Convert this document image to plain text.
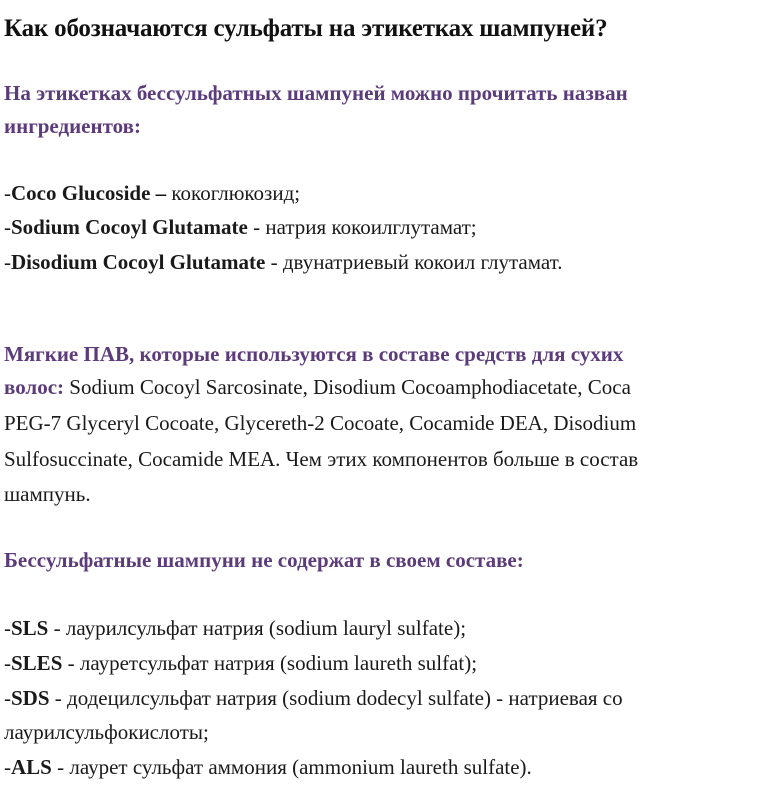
Как обозначаются сульфаты на этикетках шампуней?
На этикетках бессульфатных шампуней можно прочитать назван
ингредиентов:
-Coco Glucoside – кокоглюкозид;
-Sodium Cocoyl Glutamate - натрия кокоилглутамат;
-Disodium Cocoyl Glutamate - двунатриевый кокоил глутамат.
Мягкие ПАВ, которые используются в составе средств для сухих
волос: Sodium Cocoyl Sarcosinate, Disodium Cocoamphodiacetate, Coca
PEG-7 Glyceryl Cocoate, Glycereth-2 Cocoate, Cocamide DEA, Disodium
Sulfosuccinate, Cocamide MEA. Чем этих компонентов больше в состав
шампунь.
Бессульфатные шампуни не содержат в своем составе:
-SLS - лаурилсульфат натрия (sodium lauryl sulfate);
-SLES - лауретсульфат натрия (sodium laureth sulfat);
-SDS - додецилсульфат натрия (sodium dodecyl sulfate) - натриевая со
лаурилсульфокислоты;
-ALS - лаурет сульфат аммония (ammonium laureth sulfate).
